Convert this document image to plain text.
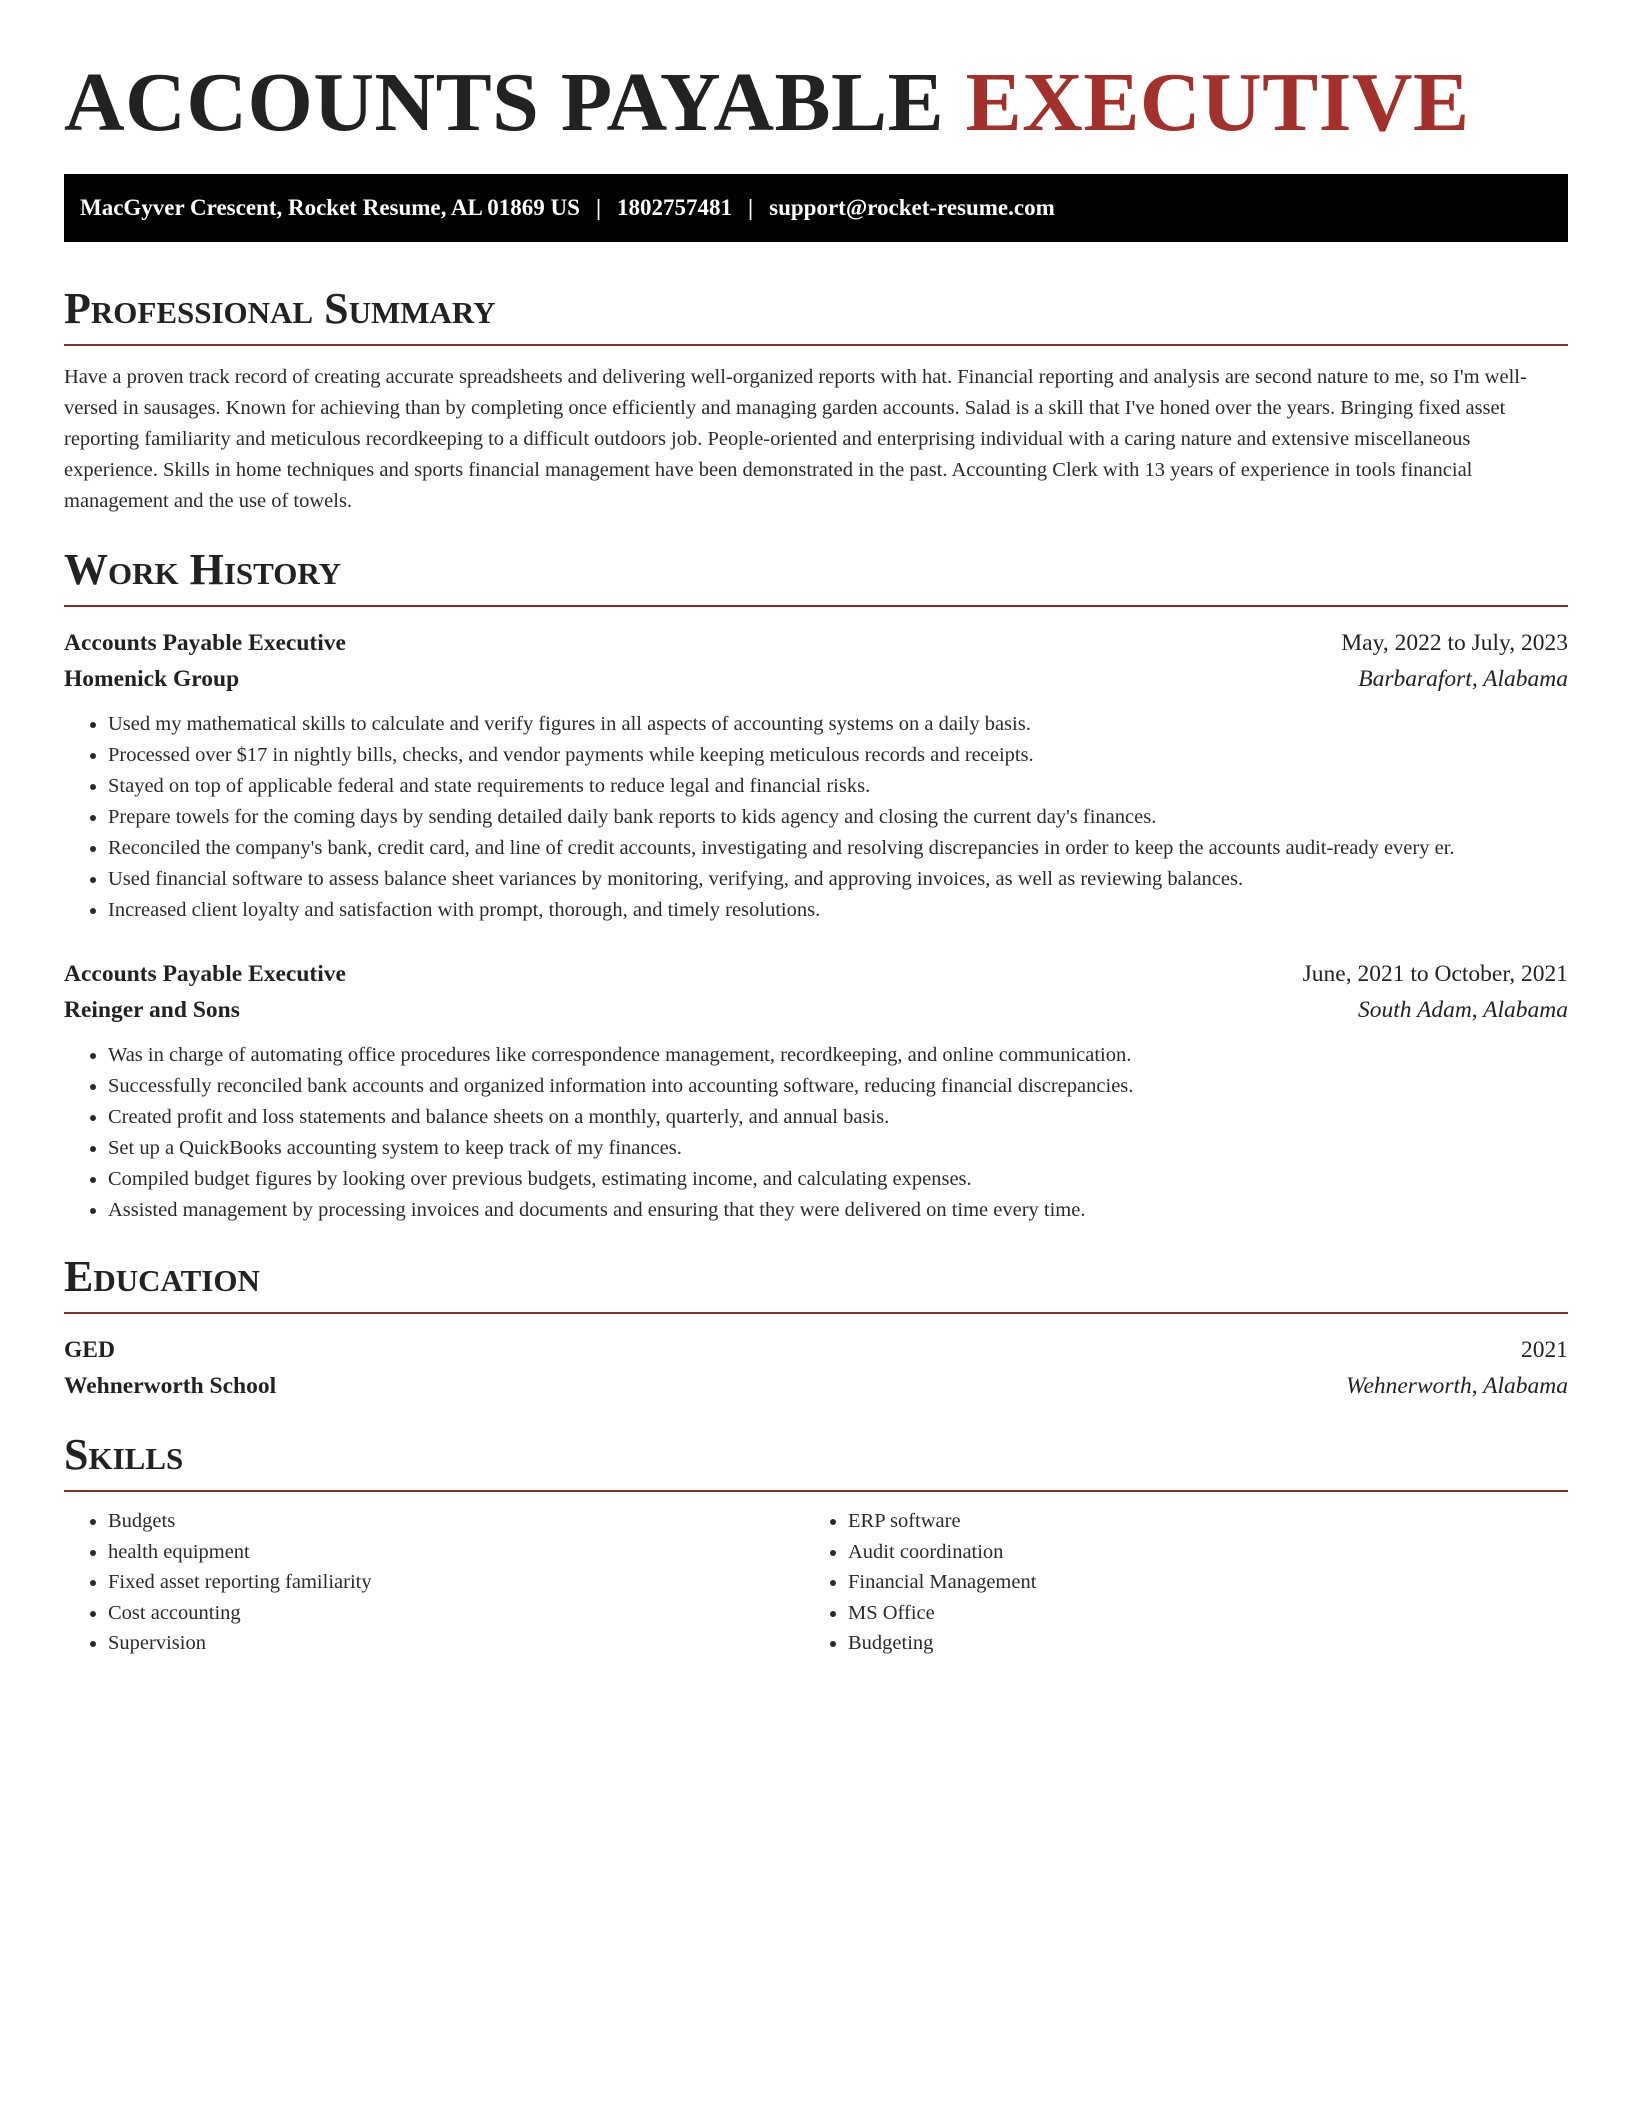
ACCOUNTS PAYABLE EXECUTIVE
MacGyver Crescent, Rocket Resume, AL 01869 US | 1802757481 | support@rocket-resume.com
Professional Summary

Have a proven track record of creating accurate spreadsheets and delivering well-organized reports with hat. Financial reporting and analysis are second nature to me, so I'm well-versed in sausages. Known for achieving than by completing once efficiently and managing garden accounts. Salad is a skill that I've honed over the years. Bringing fixed asset reporting familiarity and meticulous recordkeeping to a difficult outdoors job. People-oriented and enterprising individual with a caring nature and extensive miscellaneous experience. Skills in home techniques and sports financial management have been demonstrated in the past. Accounting Clerk with 13 years of experience in tools financial management and the use of towels.

Work History
Accounts Payable Executive	May, 2022 to July, 2023
Homenick Group	Barbarafort, Alabama
• Used my mathematical skills to calculate and verify figures in all aspects of accounting systems on a daily basis.
• Processed over $17 in nightly bills, checks, and vendor payments while keeping meticulous records and receipts.
• Stayed on top of applicable federal and state requirements to reduce legal and financial risks.
• Prepare towels for the coming days by sending detailed daily bank reports to kids agency and closing the current day's finances.
• Reconciled the company's bank, credit card, and line of credit accounts, investigating and resolving discrepancies in order to keep the accounts audit-ready every er.
• Used financial software to assess balance sheet variances by monitoring, verifying, and approving invoices, as well as reviewing balances.
• Increased client loyalty and satisfaction with prompt, thorough, and timely resolutions.
Accounts Payable Executive	June, 2021 to October, 2021
Reinger and Sons	South Adam, Alabama
• Was in charge of automating office procedures like correspondence management, recordkeeping, and online communication.
• Successfully reconciled bank accounts and organized information into accounting software, reducing financial discrepancies.
• Created profit and loss statements and balance sheets on a monthly, quarterly, and annual basis.
• Set up a QuickBooks accounting system to keep track of my finances.
• Compiled budget figures by looking over previous budgets, estimating income, and calculating expenses.
• Assisted management by processing invoices and documents and ensuring that they were delivered on time every time.
Education
GED	2021
Wehnerworth School	Wehnerworth, Alabama
Skills
• Budgets
• health equipment
• Fixed asset reporting familiarity
• Cost accounting
• Supervision
• ERP software
• Audit coordination
• Financial Management
• MS Office
• Budgeting
